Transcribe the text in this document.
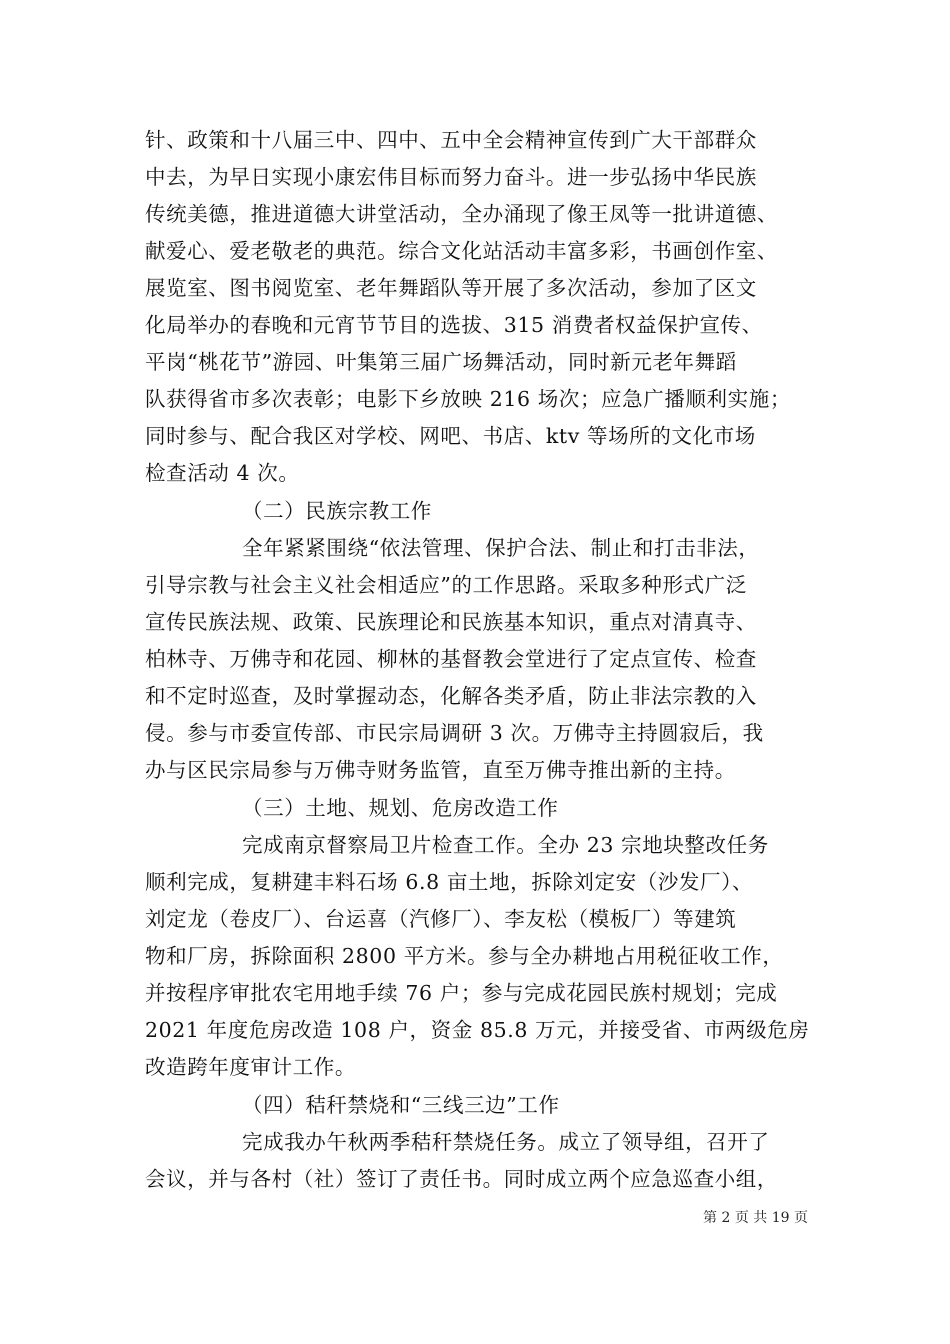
针、政策和十八届三中、四中、五中全会精神宣传到广大干部群众
中去，为早日实现小康宏伟目标而努力奋斗。进一步弘扬中华民族
传统美德，推进道德大讲堂活动，全办涌现了像王凤等一批讲道德、
献爱心、爱老敬老的典范。综合文化站活动丰富多彩，书画创作室、
展览室、图书阅览室、老年舞蹈队等开展了多次活动，参加了区文
化局举办的春晚和元宵节节目的选拔、315 消费者权益保护宣传、
平岗“桃花节”游园、叶集第三届广场舞活动，同时新元老年舞蹈
队获得省市多次表彰；电影下乡放映 216 场次；应急广播顺利实施；
同时参与、配合我区对学校、网吧、书店、ktv 等场所的文化市场
检查活动 4 次。
（二）民族宗教工作
全年紧紧围绕“依法管理、保护合法、制止和打击非法，
引导宗教与社会主义社会相适应”的工作思路。采取多种形式广泛
宣传民族法规、政策、民族理论和民族基本知识，重点对清真寺、
柏林寺、万佛寺和花园、柳林的基督教会堂进行了定点宣传、检查
和不定时巡查，及时掌握动态，化解各类矛盾，防止非法宗教的入
侵。参与市委宣传部、市民宗局调研 3 次。万佛寺主持圆寂后，我
办与区民宗局参与万佛寺财务监管，直至万佛寺推出新的主持。
（三）土地、规划、危房改造工作
完成南京督察局卫片检查工作。全办 23 宗地块整改任务
顺利完成，复耕建丰料石场 6.8 亩土地，拆除刘定安（沙发厂）、
刘定龙（卷皮厂）、台运喜（汽修厂）、李友松（模板厂）等建筑
物和厂房，拆除面积 2800 平方米。参与全办耕地占用税征收工作，
并按程序审批农宅用地手续 76 户；参与完成花园民族村规划；完成
2021 年度危房改造 108 户，资金 85.8 万元，并接受省、市两级危房
改造跨年度审计工作。
（四）秸秆禁烧和“三线三边”工作
完成我办午秋两季秸秆禁烧任务。成立了领导组，召开了
会议，并与各村（社）签订了责任书。同时成立两个应急巡查小组，
第 2 页 共 19 页
